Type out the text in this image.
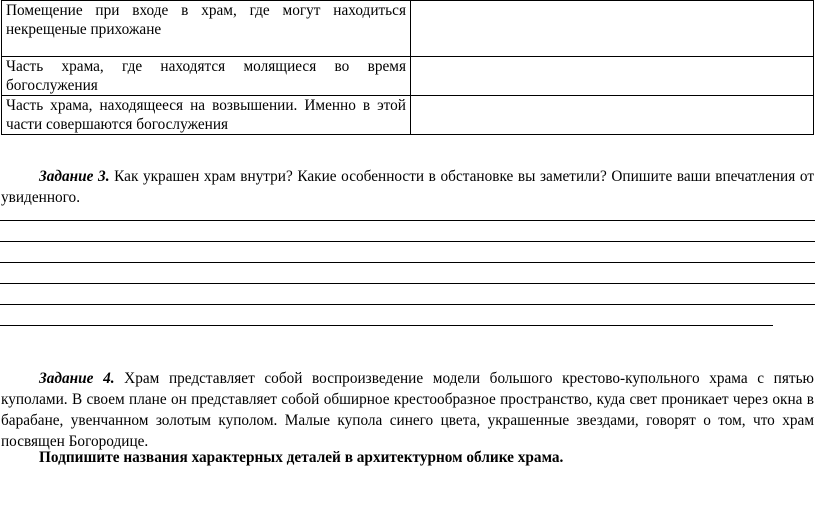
Помещение при входе в храм, где могут находиться некрещеные прихожане	
Часть храма, где находятся молящиеся во время богослужения	
Часть храма, находящееся на возвышении. Именно в этой части совершаются богослужения	

Задание 3. Как украшен храм внутри? Какие особенности в обстановке вы заметили? Опишите ваши впечатления от увиденного.

Задание 4. Храм представляет собой воспроизведение модели большого крестово-купольного храма с пятью куполами. В своем плане он представляет собой обширное крестообразное пространство, куда свет проникает через окна в барабане, увенчанном золотым куполом. Малые купола синего цвета, украшенные звездами, говорят о том, что храм посвящен Богородице.

Подпишите названия характерных деталей в архитектурном облике храма.
